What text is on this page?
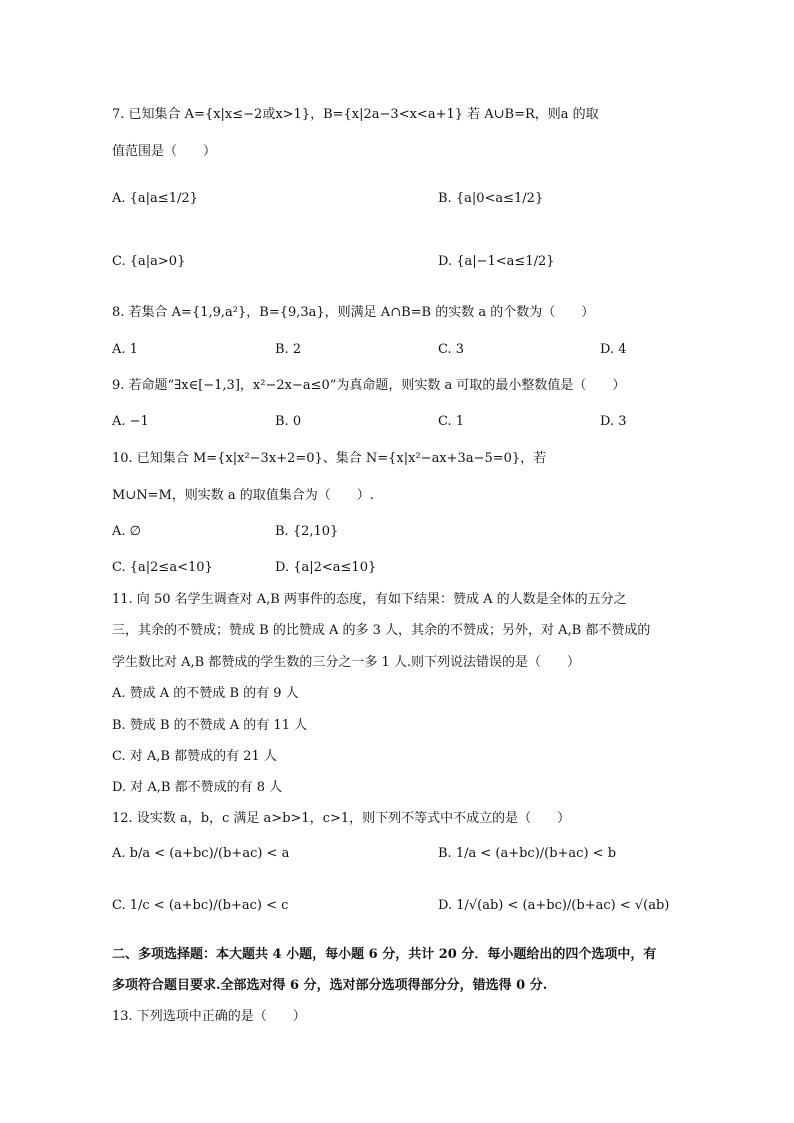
7. 已知集合 A={x|x≤−2或x>1}，B={x|2a−3<x<a+1} 若 A∪B=R，则a 的取
值范围是（　　）
A. {a|a≤1/2}	B. {a|0<a≤1/2}
C. {a|a>0}	D. {a|−1<a≤1/2}
8. 若集合 A={1,9,a²}，B={9,3a}，则满足 A∩B=B 的实数 a 的个数为（　　）
A. 1	B. 2	C. 3	D. 4
9. 若命题“∃x∈[−1,3]，x²−2x−a≤0”为真命题，则实数 a 可取的最小整数值是（　　）
A. −1	B. 0	C. 1	D. 3
10. 已知集合 M={x|x²−3x+2=0}、集合 N={x|x²−ax+3a−5=0}，若
M∪N=M，则实数 a 的取值集合为（　　）.
A. ∅	B. {2,10}
C. {a|2≤a<10}	D. {a|2<a≤10}
11. 向 50 名学生调查对 A,B 两事件的态度，有如下结果：赞成 A 的人数是全体的五分之
三，其余的不赞成；赞成 B 的比赞成 A 的多 3 人，其余的不赞成；另外，对 A,B 都不赞成的
学生数比对 A,B 都赞成的学生数的三分之一多 1 人.则下列说法错误的是（　　）
A. 赞成 A 的不赞成 B 的有 9 人
B. 赞成 B 的不赞成 A 的有 11 人
C. 对 A,B 都赞成的有 21 人
D. 对 A,B 都不赞成的有 8 人
12. 设实数 a，b，c 满足 a>b>1，c>1，则下列不等式中不成立的是（　　）
A. b/a < (a+bc)/(b+ac) < a	B. 1/a < (a+bc)/(b+ac) < b
C. 1/c < (a+bc)/(b+ac) < c	D. 1/√(ab) < (a+bc)/(b+ac) < √(ab)
二、多项选择题：本大题共 4 小题，每小题 6 分，共计 20 分．每小题给出的四个选项中，有
多项符合题目要求.全部选对得 6 分，选对部分选项得部分分，错选得 0 分.
13. 下列选项中正确的是（　　）
